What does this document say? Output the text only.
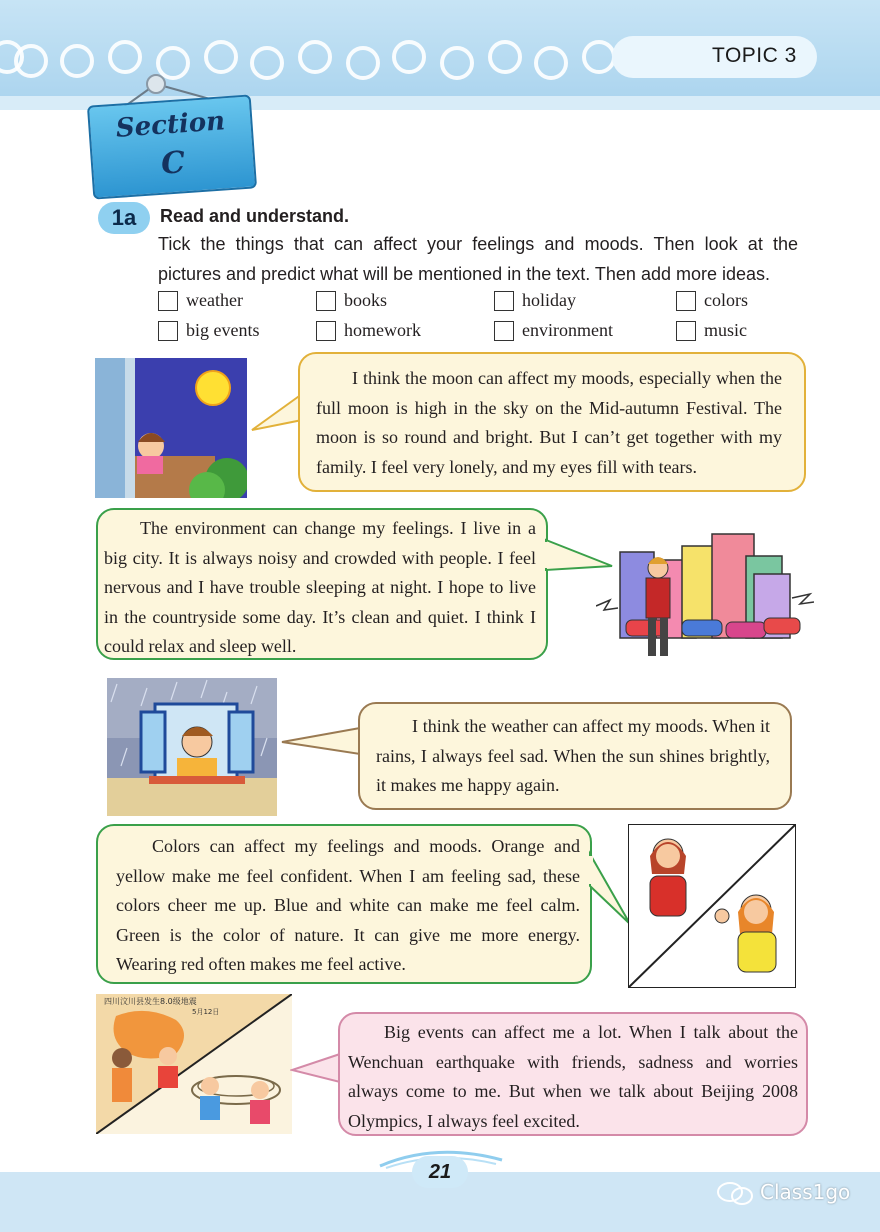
TOPIC 3
Section
C
1a	Read and understand.
Tick the things that can affect your feelings and moods. Then look at the pictures and predict what will be mentioned in the text. Then add more ideas.
weather	books	holiday	colors
big events	homework	environment	music

I think the moon can affect my moods, especially when the full moon is high in the sky on the Mid-autumn Festival. The moon is so round and bright. But I can’t get together with my family. I feel very lonely, and my eyes fill with tears.

The environment can change my feelings. I live in a big city. It is always noisy and crowded with people. I feel nervous and I have trouble sleeping at night. I hope to live in the countryside some day. It’s clean and quiet. I think I could relax and sleep well.

I think the weather can affect my moods. When it rains, I always feel sad. When the sun shines brightly, it makes me happy again.

Colors can affect my feelings and moods. Orange and yellow make me feel confident. When I am feeling sad, these colors cheer me up. Blue and white can make me feel calm. Green is the color of nature. It can give me more energy. Wearing red often makes me feel active.

四川汶川县发生8.0级地震
5月12日

Big events can affect me a lot. When I talk about the Wenchuan earthquake with friends, sadness and worries always come to me. But when we talk about Beijing 2008 Olympics, I always feel excited.

21
Class1go
